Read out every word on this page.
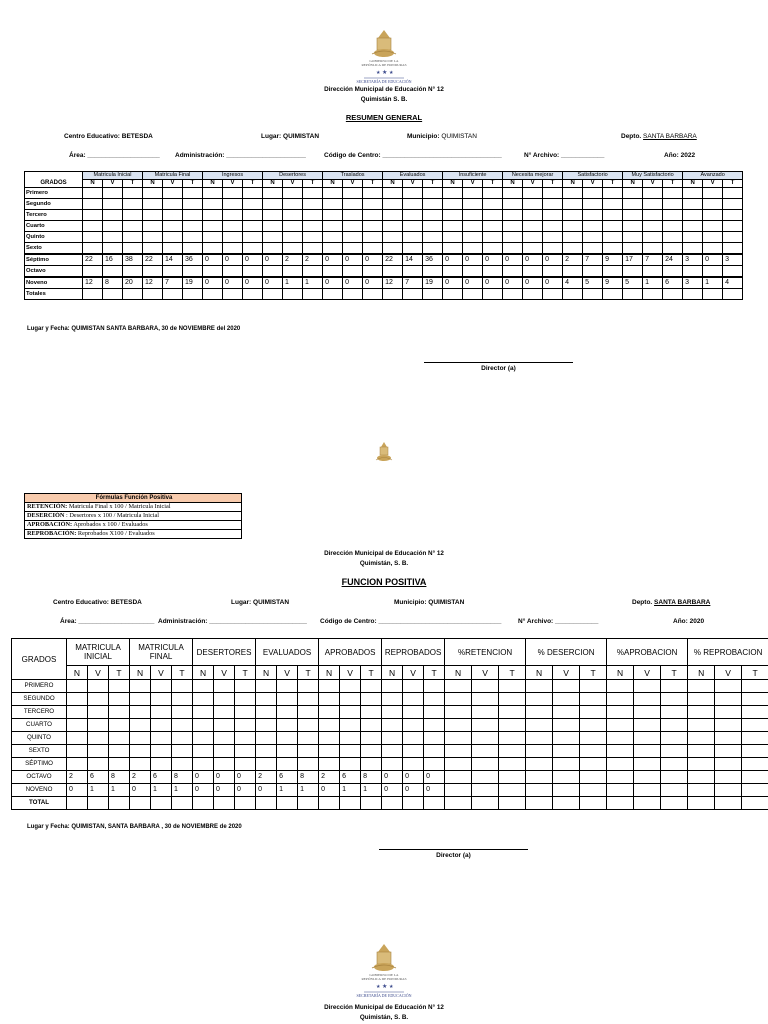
GOBIERNO DE LA
REPÚBLICA DE HONDURAS
★ ★ ★
SECRETARÍA DE EDUCACIÓN
Dirección Municipal de Educación N° 12
Quimistán S. B.
RESUMEN GENERAL
Centro Educativo: BETESDA	Lugar: QUIMISTAN	Municipio: QUIMISTAN	Depto. SANTA BARBARA
Área: ____________________ Administración: ______________________	Código de Centro: _________________________________	N° Archivo: ____________	Año: 2022
GRADOS	Matricula Inicial			Matricula Final			Ingresos			Desertores			Traslados			Evaluados			Insuficiente			Necesita mejorar			Satisfactorio			Muy Satisfactorio			Avanzado		
	N	V	T	N	V	T	N	V	T	N	V	T	N	V	T	N	V	T	N	V	T	N	V	T	N	V	T	N	V	T	N	V	T
Primero																																	
Segundo																																	
Tercero																																	
Cuarto																																	
Quinto																																	
Sexto																																	
Séptimo	22	16	38	22	14	36	0	0	0	0	2	2	0	0	0	22	14	36	0	0	0	0	0	0	2	7	9	17	7	24	3	0	3
Octavo																																	
Noveno	12	8	20	12	7	19	0	0	0	0	1	1	0	0	0	12	7	19	0	0	0	0	0	0	4	5	9	5	1	6	3	1	4
Totales																																	
Lugar y Fecha: QUIMISTAN SANTA BARBARA, 30 de NOVIEMBRE del 2020
Director (a)
Fórmulas Función Positiva
RETENCIÓN: Matricula Final x 100 / Matricula Inicial
DESERCIÓN : Desertores x 100 / Matricula Inicial
APROBACIÓN: Aprobados x 100 / Evaluados
REPROBACIÓN: Reprobados X100 / Evaluados
Dirección Municipal de Educación N° 12
Quimistán, S. B.
FUNCION POSITIVA
Centro Educativo: BETESDA	Lugar: QUIMISTAN	Municipio: QUIMISTAN	Depto. SANTA BARBARA
Área: _____________________ Administración: ___________________________ Código de Centro: __________________________________	N° Archivo: ____________	Año: 2020
GRADOS	MATRICULA INICIAL			MATRICULA FINAL			DESERTORES			EVALUADOS			APROBADOS			REPROBADOS			%RETENCION			% DESERCION			%APROBACION			% REPROBACION		
	N	V	T	N	V	T	N	V	T	N	V	T	N	V	T	N	V	T	N	V	T	N	V	T	N	V	T	N	V	T
PRIMERO																														
SEGUNDO																														
TERCERO																														
CUARTO																														
QUINTO																														
SEXTO																														
SÉPTIMO																														
OCTAVO	2	6	8	2	6	8	0	0	0	2	6	8	2	6	8	0	0	0												
NOVENO	0	1	1	0	1	1	0	0	0	0	1	1	0	1	1	0	0	0												
TOTAL																														
Lugar y Fecha: QUIMISTAN, SANTA BARBARA , 30 de NOVIEMBRE de 2020
Director (a)
GOBIERNO DE LA
REPÚBLICA DE HONDURAS
★ ★ ★
SECRETARÍA DE EDUCACIÓN
Dirección Municipal de Educación N° 12
Quimistán, S. B.
